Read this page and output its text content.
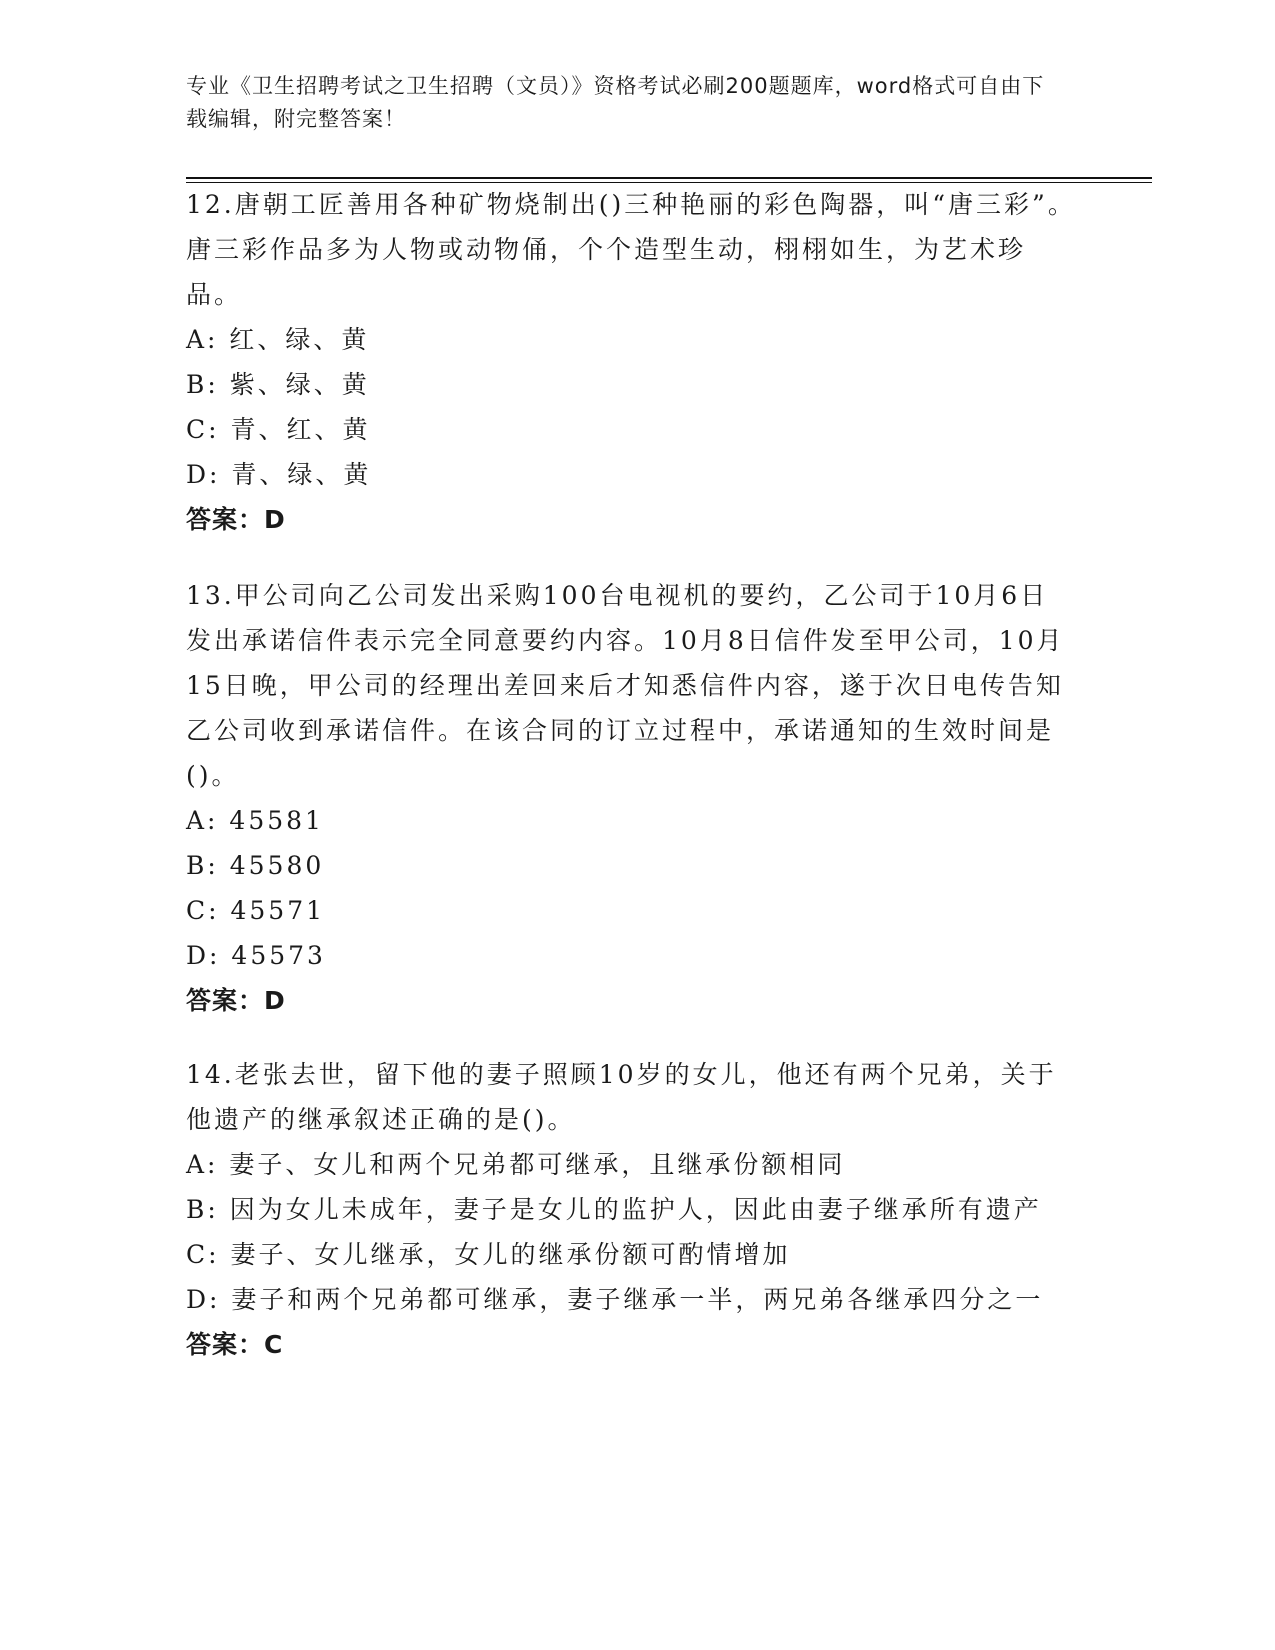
专业《卫生招聘考试之卫生招聘（文员）》资格考试必刷200题题库，word格式可自由下载编辑，附完整答案！

12.唐朝工匠善用各种矿物烧制出()三种艳丽的彩色陶器，叫“唐三彩”。唐三彩作品多为人物或动物俑，个个造型生动，栩栩如生，为艺术珍品。

A: 红、绿、黄

B: 紫、绿、黄

C: 青、红、黄

D: 青、绿、黄

答案：D

13.甲公司向乙公司发出采购100台电视机的要约，乙公司于10月6日发出承诺信件表示完全同意要约内容。10月8日信件发至甲公司，10月15日晚，甲公司的经理出差回来后才知悉信件内容，遂于次日电传告知乙公司收到承诺信件。在该合同的订立过程中，承诺通知的生效时间是()。

A: 45581

B: 45580

C: 45571

D: 45573

答案：D

14.老张去世，留下他的妻子照顾10岁的女儿，他还有两个兄弟，关于他遗产的继承叙述正确的是()。

A: 妻子、女儿和两个兄弟都可继承，且继承份额相同

B: 因为女儿未成年，妻子是女儿的监护人，因此由妻子继承所有遗产

C: 妻子、女儿继承，女儿的继承份额可酌情增加

D: 妻子和两个兄弟都可继承，妻子继承一半，两兄弟各继承四分之一

答案：C
